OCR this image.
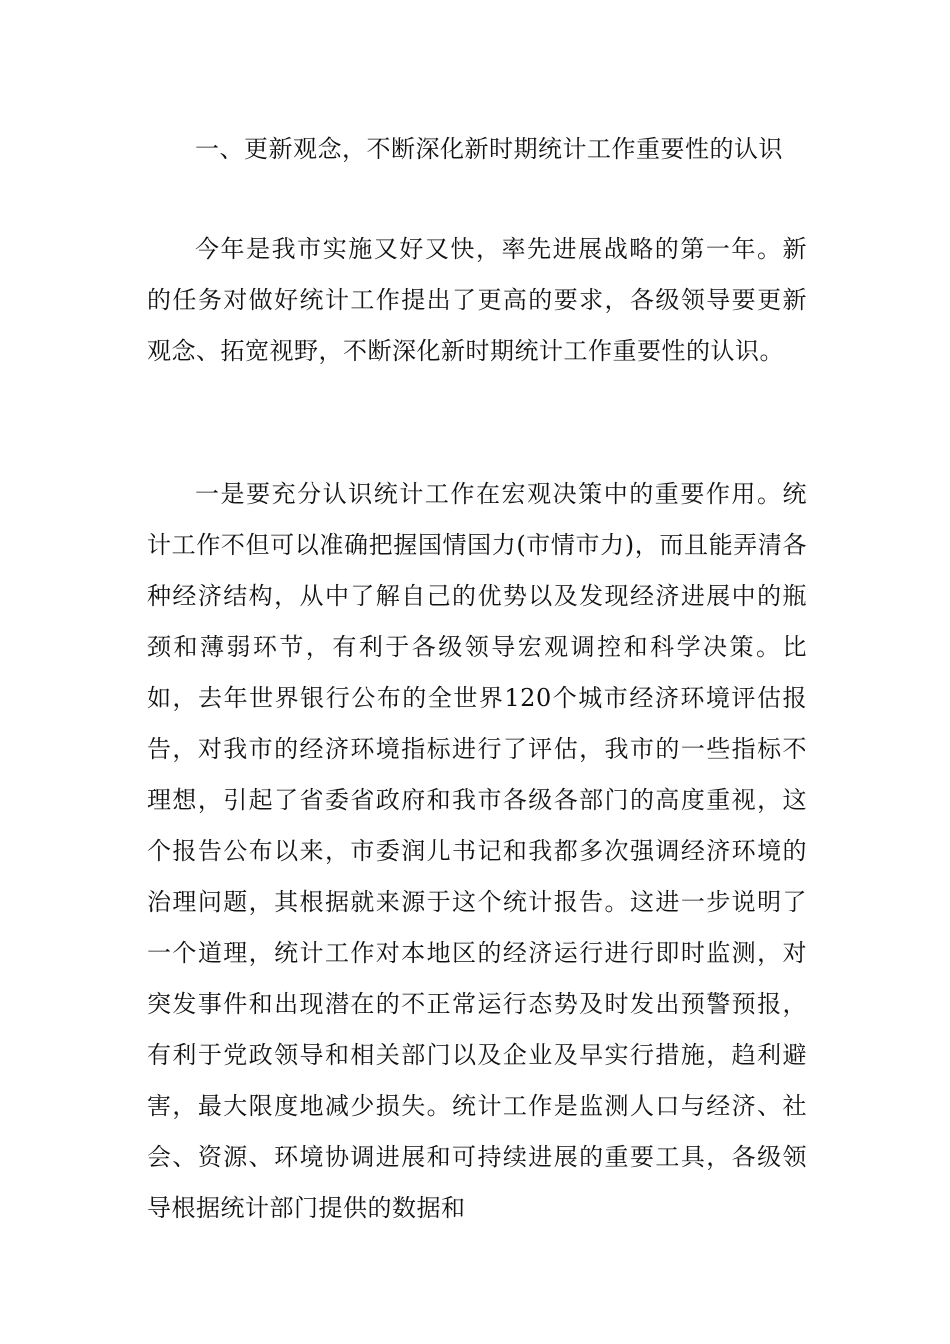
一、更新观念，不断深化新时期统计工作重要性的认识

今年是我市实施又好又快，率先进展战略的第一年。新的任务对做好统计工作提出了更高的要求，各级领导要更新观念、拓宽视野，不断深化新时期统计工作重要性的认识。

一是要充分认识统计工作在宏观决策中的重要作用。统计工作不但可以准确把握国情国力(市情市力)，而且能弄清各种经济结构，从中了解自己的优势以及发现经济进展中的瓶颈和薄弱环节，有利于各级领导宏观调控和科学决策。比如，去年世界银行公布的全世界120个城市经济环境评估报告，对我市的经济环境指标进行了评估，我市的一些指标不理想，引起了省委省政府和我市各级各部门的高度重视，这个报告公布以来，市委润儿书记和我都多次强调经济环境的治理问题，其根据就来源于这个统计报告。这进一步说明了一个道理，统计工作对本地区的经济运行进行即时监测，对突发事件和出现潜在的不正常运行态势及时发出预警预报，有利于党政领导和相关部门以及企业及早实行措施，趋利避害，最大限度地减少损失。统计工作是监测人口与经济、社会、资源、环境协调进展和可持续进展的重要工具，各级领导根据统计部门提供的数据和
